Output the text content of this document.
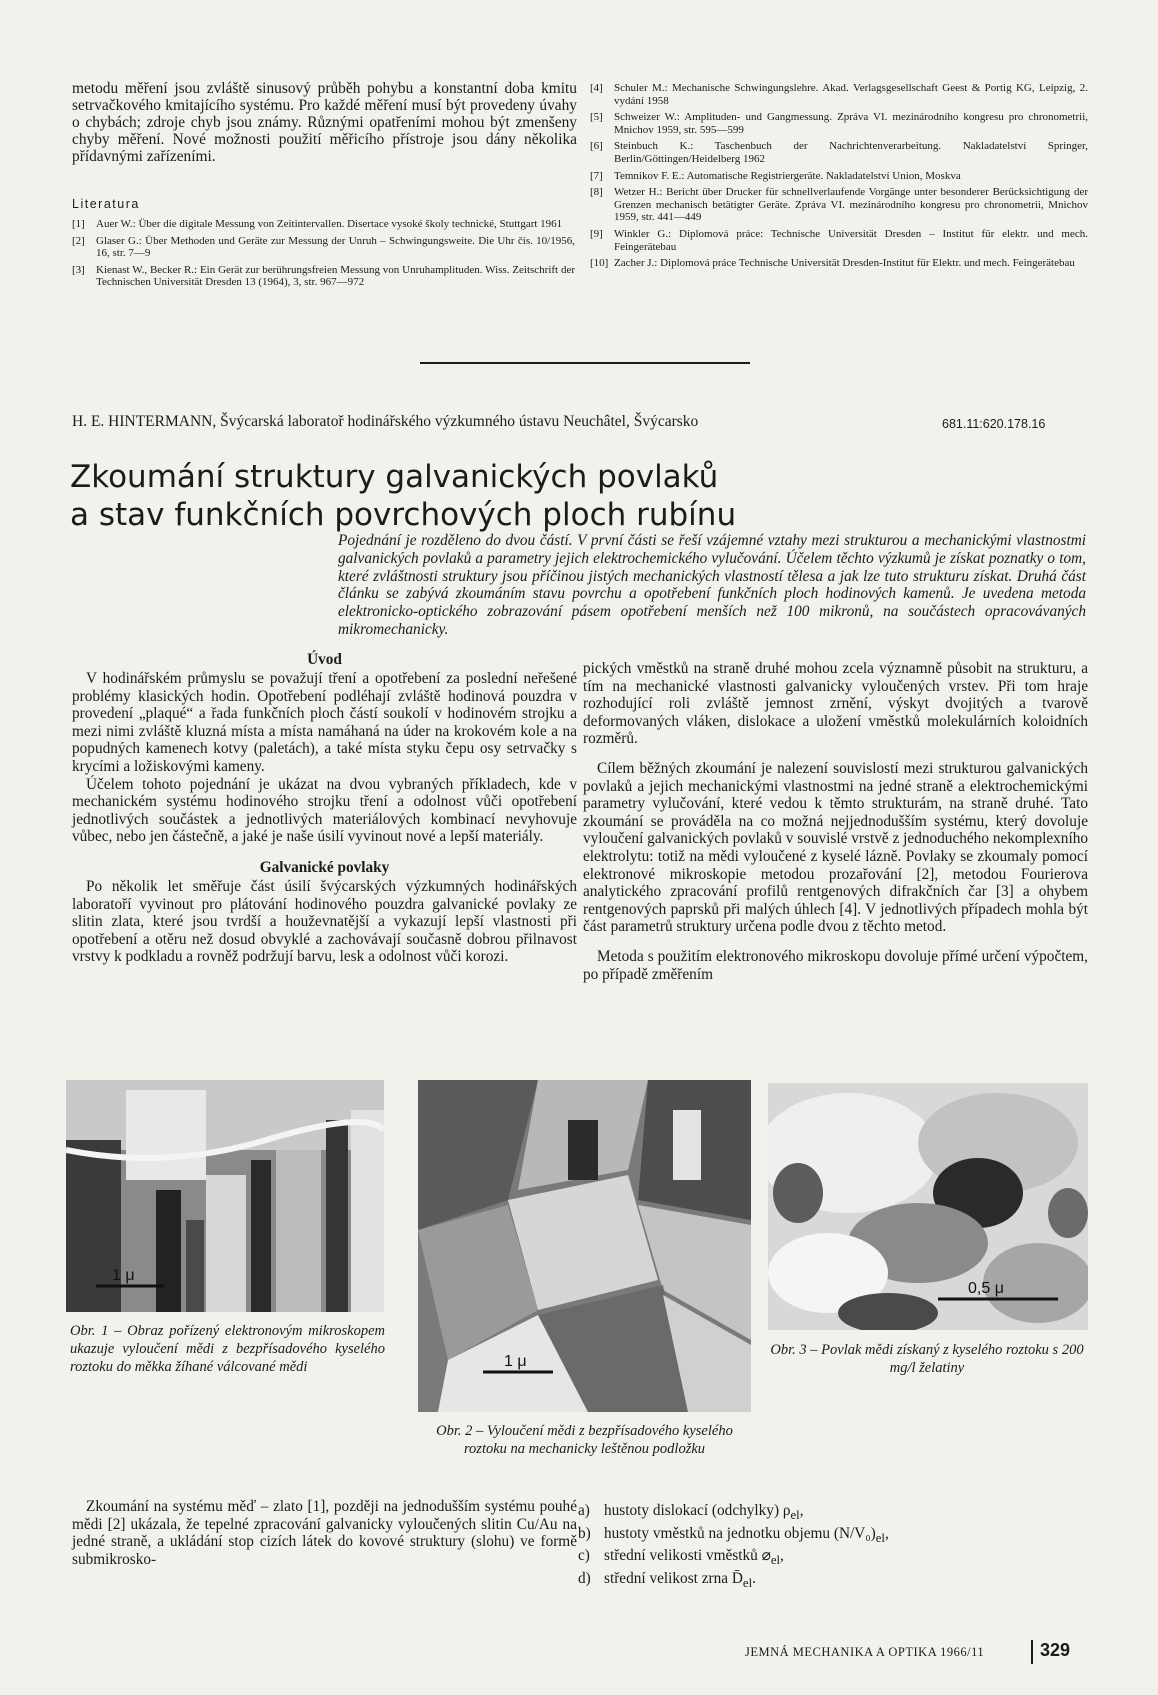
metodu měření jsou zvláště sinusový průběh pohybu a konstantní doba kmitu setrvačkového kmitajícího systému. Pro každé měření musí být provedeny úvahy o chybách; zdroje chyb jsou známy. Různými opatřeními mohou být zmenšeny chyby měření. Nové možnosti použití měřicího přístroje jsou dány několika přídavnými zařízeními.

Literatura
[1] Auer W.: Über die digitale Messung von Zeitintervallen. Disertace vysoké školy technické, Stuttgart 1961
[2] Glaser G.: Über Methoden und Geräte zur Messung der Unruh – Schwingungsweite. Die Uhr čís. 10/1956, 16, str. 7—9
[3] Kienast W., Becker R.: Ein Gerät zur berührungsfreien Messung von Unruhamplituden. Wiss. Zeitschrift der Technischen Universität Dresden 13 (1964), 3, str. 967—972
[4] Schuler M.: Mechanische Schwingungslehre. Akad. Verlagsgesellschaft Geest & Portig KG, Leipzig, 2. vydání 1958
[5] Schweizer W.: Amplituden- und Gangmessung. Zpráva VI. mezinárodního kongresu pro chronometrii, Mnichov 1959, str. 595—599
[6] Steinbuch K.: Taschenbuch der Nachrichtenverarbeitung. Nakladatelství Springer, Berlin/Göttingen/Heidelberg 1962
[7] Temnikov F. E.: Automatische Registriergeräte. Nakladatelství Union, Moskva
[8] Wetzer H.: Bericht über Drucker für schnellverlaufende Vorgänge unter besonderer Berücksichtigung der Grenzen mechanisch betätigter Geräte. Zpráva VI. mezinárodního kongresu pro chronometrii, Mnichov 1959, str. 441—449
[9] Winkler G.: Diplomová práce: Technische Universität Dresden – Institut für elektr. und mech. Feingerätebau
[10] Zacher J.: Diplomová práce Technische Universität Dresden-Institut für Elektr. und mech. Feingerätebau
H. E. HINTERMANN, Švýcarská laboratoř hodinářského výzkumného ústavu Neuchâtel, Švýcarsko	681.11:620.178.16
Zkoumání struktury galvanických povlaků
a stav funkčních povrchových ploch rubínu

Pojednání je rozděleno do dvou částí. V první části se řeší vzájemné vztahy mezi strukturou a mechanickými vlastnostmi galvanických povlaků a parametry jejich elektrochemického vylučování. Účelem těchto výzkumů je získat poznatky o tom, které zvláštnosti struktury jsou příčinou jistých mechanických vlastností tělesa a jak lze tuto strukturu získat. Druhá část článku se zabývá zkoumáním stavu povrchu a opotřebení funkčních ploch hodinových kamenů. Je uvedena metoda elektronicko-optického zobrazování pásem opotřebení menších než 100 mikronů, na součástech opracovávaných mikromechanicky.

Úvod

V hodinářském průmyslu se považují tření a opotřebení za poslední neřešené problémy klasických hodin. Opotřebení podléhají zvláště hodinová pouzdra v provedení „plaqué“ a řada funkčních ploch částí soukolí v hodinovém strojku a mezi nimi zvláště kluzná místa a místa namáhaná na úder na krokovém kole a na popudných kamenech kotvy (paletách), a také místa styku čepu osy setrvačky s krycími a ložiskovými kameny.

Účelem tohoto pojednání je ukázat na dvou vybraných příkladech, kde v mechanickém systému hodinového strojku tření a odolnost vůči opotřebení jednotlivých součástek a jednotlivých materiálových kombinací nevyhovuje vůbec, nebo jen částečně, a jaké je naše úsilí vyvinout nové a lepší materiály.

Galvanické povlaky

Po několik let směřuje část úsilí švýcarských výzkumných hodinářských laboratoří vyvinout pro plátování hodinového pouzdra galvanické povlaky ze slitin zlata, které jsou tvrdší a houževnatější a vykazují lepší vlastnosti při opotřebení a otěru než dosud obvyklé a zachovávají současně dobrou přilnavost vrstvy k podkladu a rovněž podržují barvu, lesk a odolnost vůči korozi.

pických vměstků na straně druhé mohou zcela významně působit na strukturu, a tím na mechanické vlastnosti galvanicky vyloučených vrstev. Při tom hraje rozhodující roli zvláště jemnost zrnění, výskyt dvojitých a tvarově deformovaných vláken, dislokace a uložení vměstků molekulárních koloidních rozměrů.

Cílem běžných zkoumání je nalezení souvislostí mezi strukturou galvanických povlaků a jejich mechanickými vlastnostmi na jedné straně a elektrochemickými parametry vylučování, které vedou k těmto strukturám, na straně druhé. Tato zkoumání se prováděla na co možná nejjednodušším systému, který dovoluje vyloučení galvanických povlaků v souvislé vrstvě z jednoduchého nekomplexního elektrolytu: totiž na mědi vyloučené z kyselé lázně. Povlaky se zkoumaly pomocí elektronové mikroskopie metodou prozařování [2], metodou Fourierova analytického zpracování profilů rentgenových difrakčních čar [3] a ohybem rentgenových paprsků při malých úhlech [4]. V jednotlivých případech mohla být část parametrů struktury určena podle dvou z těchto metod.

Metoda s použitím elektronového mikroskopu dovoluje přímé určení výpočtem, po případě změřením

1 μ

Obr. 1 – Obraz pořízený elektronovým mikroskopem ukazuje vyloučení mědi z bezpřísadového kyselého roztoku do měkka žíhané válcované mědi	1 μ

Obr. 2 – Vyloučení mědi z bezpřísadového kyselého roztoku na mechanicky leštěnou podložku

0,5 μ

Obr. 3 – Povlak mědi získaný z kyselého roztoku s 200 mg/l želatiny

Zkoumání na systému měď – zlato [1], později na jednodušším systému pouhé mědi [2] ukázala, že tepelné zpracování galvanicky vyloučených slitin Cu/Au na jedné straně, a ukládání stop cizích látek do kovové struktury (slohu) ve formě submikrosko-

a) hustoty dislokací (odchylky) $\rho_{el}$,
b) hustoty vměstků na jednotku objemu $(N/V_0)_{el}$,
c) střední velikosti vměstků $⌀_{el}$,
d) střední velikost zrna $D̄_{el}$.
JEMNÁ MECHANIKA A OPTIKA 1966/11	329
